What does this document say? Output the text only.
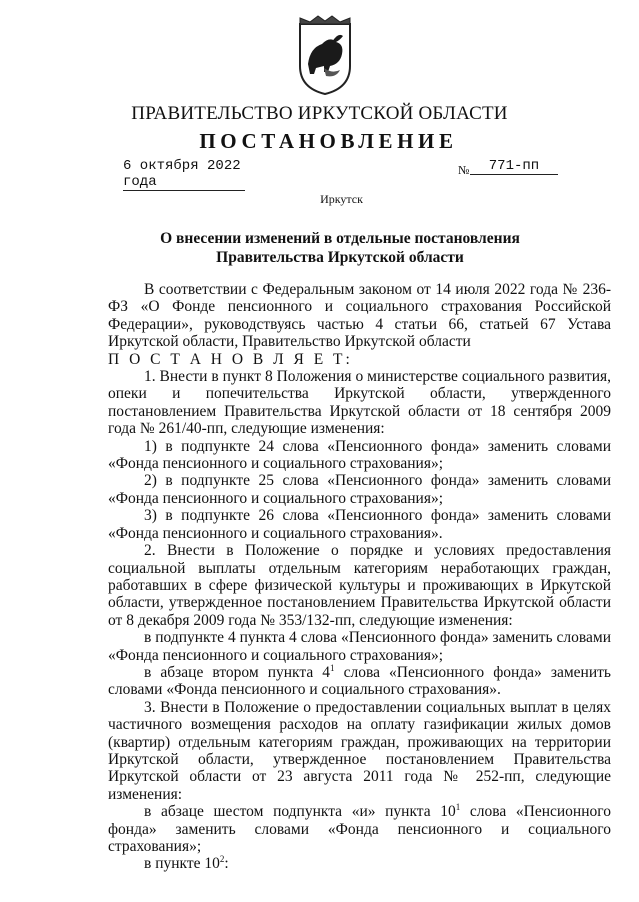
ПРАВИТЕЛЬСТВО ИРКУТСКОЙ ОБЛАСТИ
ПОСТАНОВЛЕНИЕ
6 октября 2022 года
№	771-пп
Иркутск
О внесении изменений в отдельные постановления Правительства Иркутской области

В соответствии с Федеральным законом от 14 июля 2022 года № 236-ФЗ «О Фонде пенсионного и социального страхования Российской Федерации», руководствуясь частью 4 статьи 66, статьей 67 Устава Иркутской области, Правительство Иркутской области

П О С Т А Н О В Л Я Е Т:

1. Внести в пункт 8 Положения о министерстве социального развития, опеки и попечительства Иркутской области, утвержденного постановлением Правительства Иркутской области от 18 сентября 2009 года № 261/40-пп, следующие изменения:

1) в подпункте 24 слова «Пенсионного фонда» заменить словами «Фонда пенсионного и социального страхования»;

2) в подпункте 25 слова «Пенсионного фонда» заменить словами «Фонда пенсионного и социального страхования»;

3) в подпункте 26 слова «Пенсионного фонда» заменить словами «Фонда пенсионного и социального страхования».

2. Внести в Положение о порядке и условиях предоставления социальной выплаты отдельным категориям неработающих граждан, работавших в сфере физической культуры и проживающих в Иркутской области, утвержденное постановлением Правительства Иркутской области от 8 декабря 2009 года № 353/132-пп, следующие изменения:

в подпункте 4 пункта 4 слова «Пенсионного фонда» заменить словами «Фонда пенсионного и социального страхования»;

в абзаце втором пункта $4^1$ слова «Пенсионного фонда» заменить словами «Фонда пенсионного и социального страхования».

3. Внести в Положение о предоставлении социальных выплат в целях частичного возмещения расходов на оплату газификации жилых домов (квартир) отдельным категориям граждан, проживающих на территории Иркутской области, утвержденное постановлением Правительства Иркутской области от 23 августа 2011 года № 252-пп, следующие изменения:

в абзаце шестом подпункта «и» пункта $10^1$ слова «Пенсионного фонда» заменить словами «Фонда пенсионного и социального страхования»;

в пункте $10^2$:
